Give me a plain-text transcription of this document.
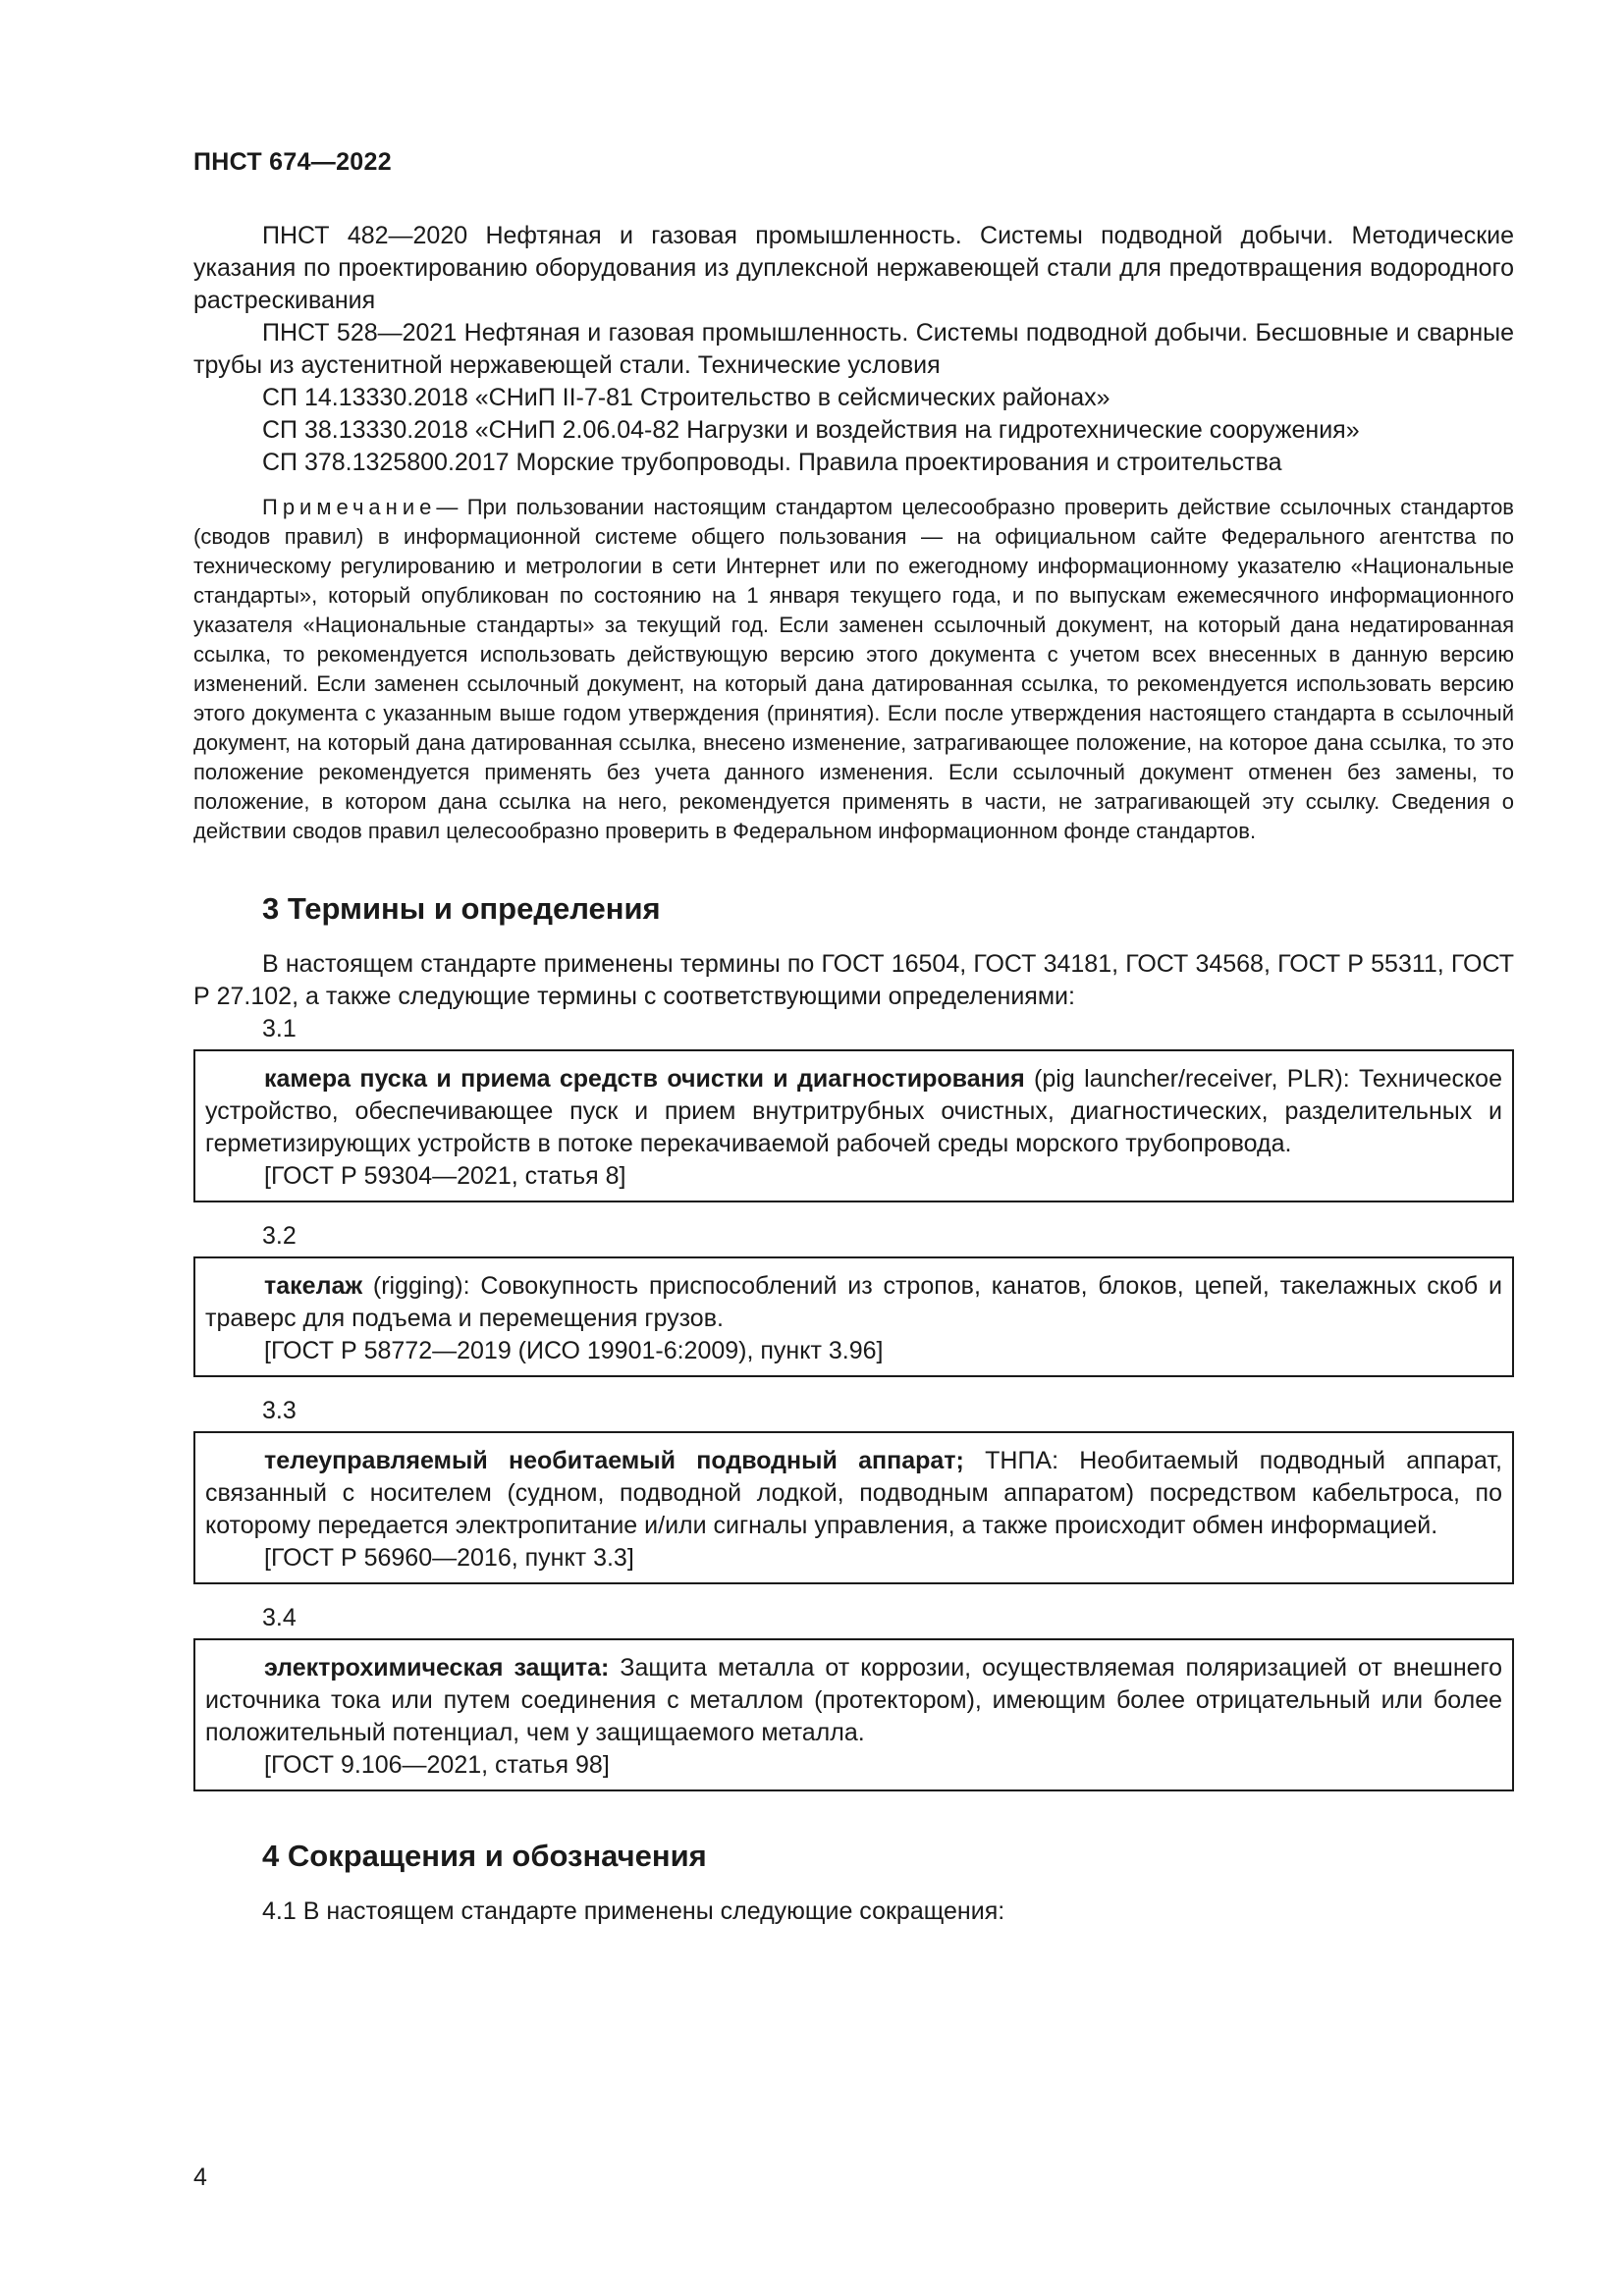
ПНСТ 674—2022

ПНСТ 482—2020 Нефтяная и газовая промышленность. Системы подводной добычи. Методические указания по проектированию оборудования из дуплексной нержавеющей стали для предотвращения водородного растрескивания

ПНСТ 528—2021 Нефтяная и газовая промышленность. Системы подводной добычи. Бесшовные и сварные трубы из аустенитной нержавеющей стали. Технические условия

СП 14.13330.2018 «СНиП II-7-81 Строительство в сейсмических районах»

СП 38.13330.2018 «СНиП 2.06.04-82 Нагрузки и воздействия на гидротехнические сооружения»

СП 378.1325800.2017 Морские трубопроводы. Правила проектирования и строительства

Примечание— При пользовании настоящим стандартом целесообразно проверить действие ссылочных стандартов (сводов правил) в информационной системе общего пользования — на официальном сайте Федерального агентства по техническому регулированию и метрологии в сети Интернет или по ежегодному информационному указателю «Национальные стандарты», который опубликован по состоянию на 1 января текущего года, и по выпускам ежемесячного информационного указателя «Национальные стандарты» за текущий год. Если заменен ссылочный документ, на который дана недатированная ссылка, то рекомендуется использовать действующую версию этого документа с учетом всех внесенных в данную версию изменений. Если заменен ссылочный документ, на который дана датированная ссылка, то рекомендуется использовать версию этого документа с указанным выше годом утверждения (принятия). Если после утверждения настоящего стандарта в ссылочный документ, на который дана датированная ссылка, внесено изменение, затрагивающее положение, на которое дана ссылка, то это положение рекомендуется применять без учета данного изменения. Если ссылочный документ отменен без замены, то положение, в котором дана ссылка на него, рекомендуется применять в части, не затрагивающей эту ссылку. Сведения о действии сводов правил целесообразно проверить в Федеральном информационном фонде стандартов.

3 Термины и определения

В настоящем стандарте применены термины по ГОСТ 16504, ГОСТ 34181, ГОСТ 34568, ГОСТ Р 55311, ГОСТ Р 27.102, а также следующие термины с соответствующими определениями:

3.1

камера пуска и приема средств очистки и диагностирования (pig launcher/receiver, PLR): Техническое устройство, обеспечивающее пуск и прием внутритрубных очистных, диагностических, разделительных и герметизирующих устройств в потоке перекачиваемой рабочей среды морского трубопровода.

[ГОСТ Р 59304—2021, статья 8]

3.2

такелаж (rigging): Совокупность приспособлений из стропов, канатов, блоков, цепей, такелажных скоб и траверс для подъема и перемещения грузов.

[ГОСТ Р 58772—2019 (ИСО 19901-6:2009), пункт 3.96]

3.3

телеуправляемый необитаемый подводный аппарат; ТНПА: Необитаемый подводный аппарат, связанный с носителем (судном, подводной лодкой, подводным аппаратом) посредством кабельтроса, по которому передается электропитание и/или сигналы управления, а также происходит обмен информацией.

[ГОСТ Р 56960—2016, пункт 3.3]

3.4

электрохимическая защита: Защита металла от коррозии, осуществляемая поляризацией от внешнего источника тока или путем соединения с металлом (протектором), имеющим более отрицательный или более положительный потенциал, чем у защищаемого металла.

[ГОСТ 9.106—2021, статья 98]

4 Сокращения и обозначения

4.1 В настоящем стандарте применены следующие сокращения:

4
